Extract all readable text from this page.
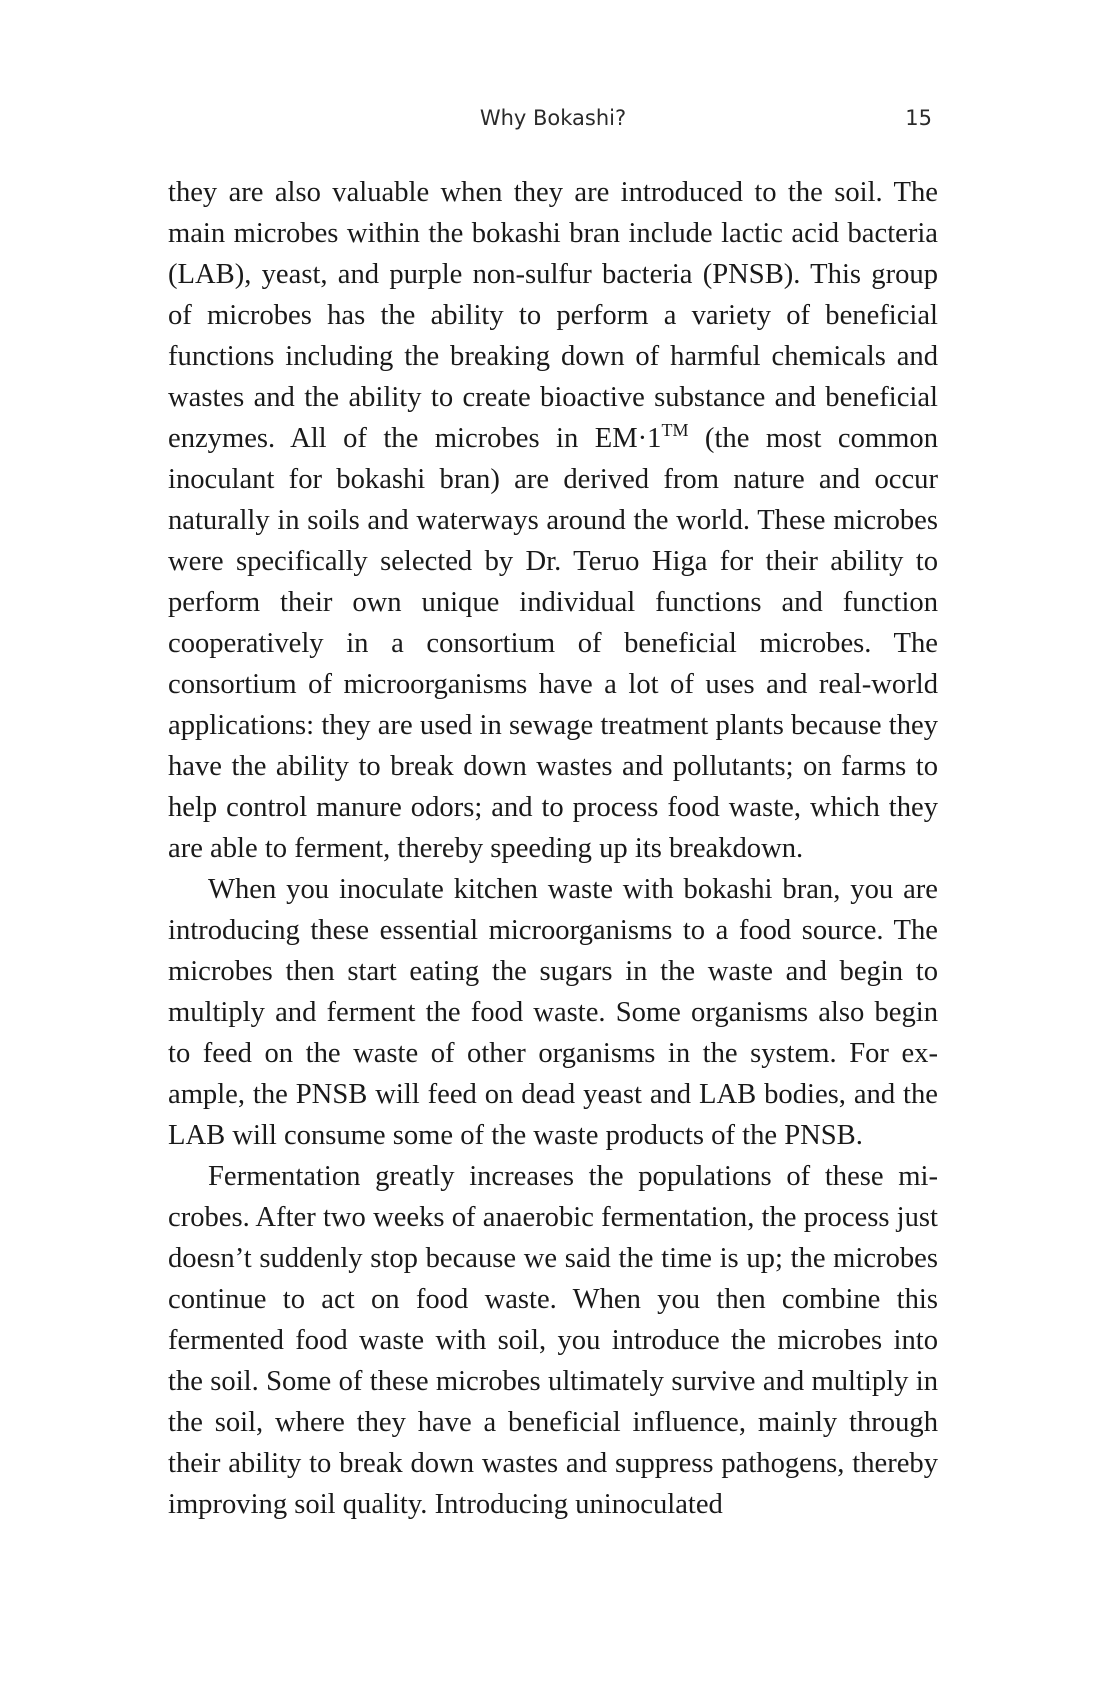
Why Bokashi?	15

they are also valuable when they are introduced to the soil. The main microbes within the bokashi bran include lactic acid bacteria (LAB), yeast, and purple non-sulfur bacteria (PNSB). This group of microbes has the ability to perform a variety of beneficial functions including the breaking down of harmful chemicals and wastes and the ability to create bioactive substance and beneficial enzymes. All of the microbes in EM·1™ (the most common inoculant for bokashi bran) are derived from nature and occur naturally in soils and waterways around the world. These microbes were specifically selected by Dr. Teruo Higa for their ability to perform their own unique individual functions and function cooperatively in a consortium of beneficial microbes. The consortium of microorganisms have a lot of uses and real-world applications: they are used in sewage treatment plants because they have the ability to break down wastes and pollutants; on farms to help control manure odors; and to process food waste, which they are able to ferment, thereby speeding up its breakdown.

When you inoculate kitchen waste with bokashi bran, you are introducing these essential microorganisms to a food source. The microbes then start eating the sugars in the waste and begin to multiply and ferment the food waste. Some organisms also begin to feed on the waste of other organisms in the system. For example, the PNSB will feed on dead yeast and LAB bodies, and the LAB will consume some of the waste products of the PNSB.

Fermentation greatly increases the populations of these microbes. After two weeks of anaerobic fermentation, the process just doesn’t suddenly stop because we said the time is up; the microbes continue to act on food waste. When you then combine this fermented food waste with soil, you introduce the microbes into the soil. Some of these microbes ultimately survive and multiply in the soil, where they have a beneficial influence, mainly through their ability to break down wastes and suppress pathogens, thereby improving soil quality. Introducing uninoculated
